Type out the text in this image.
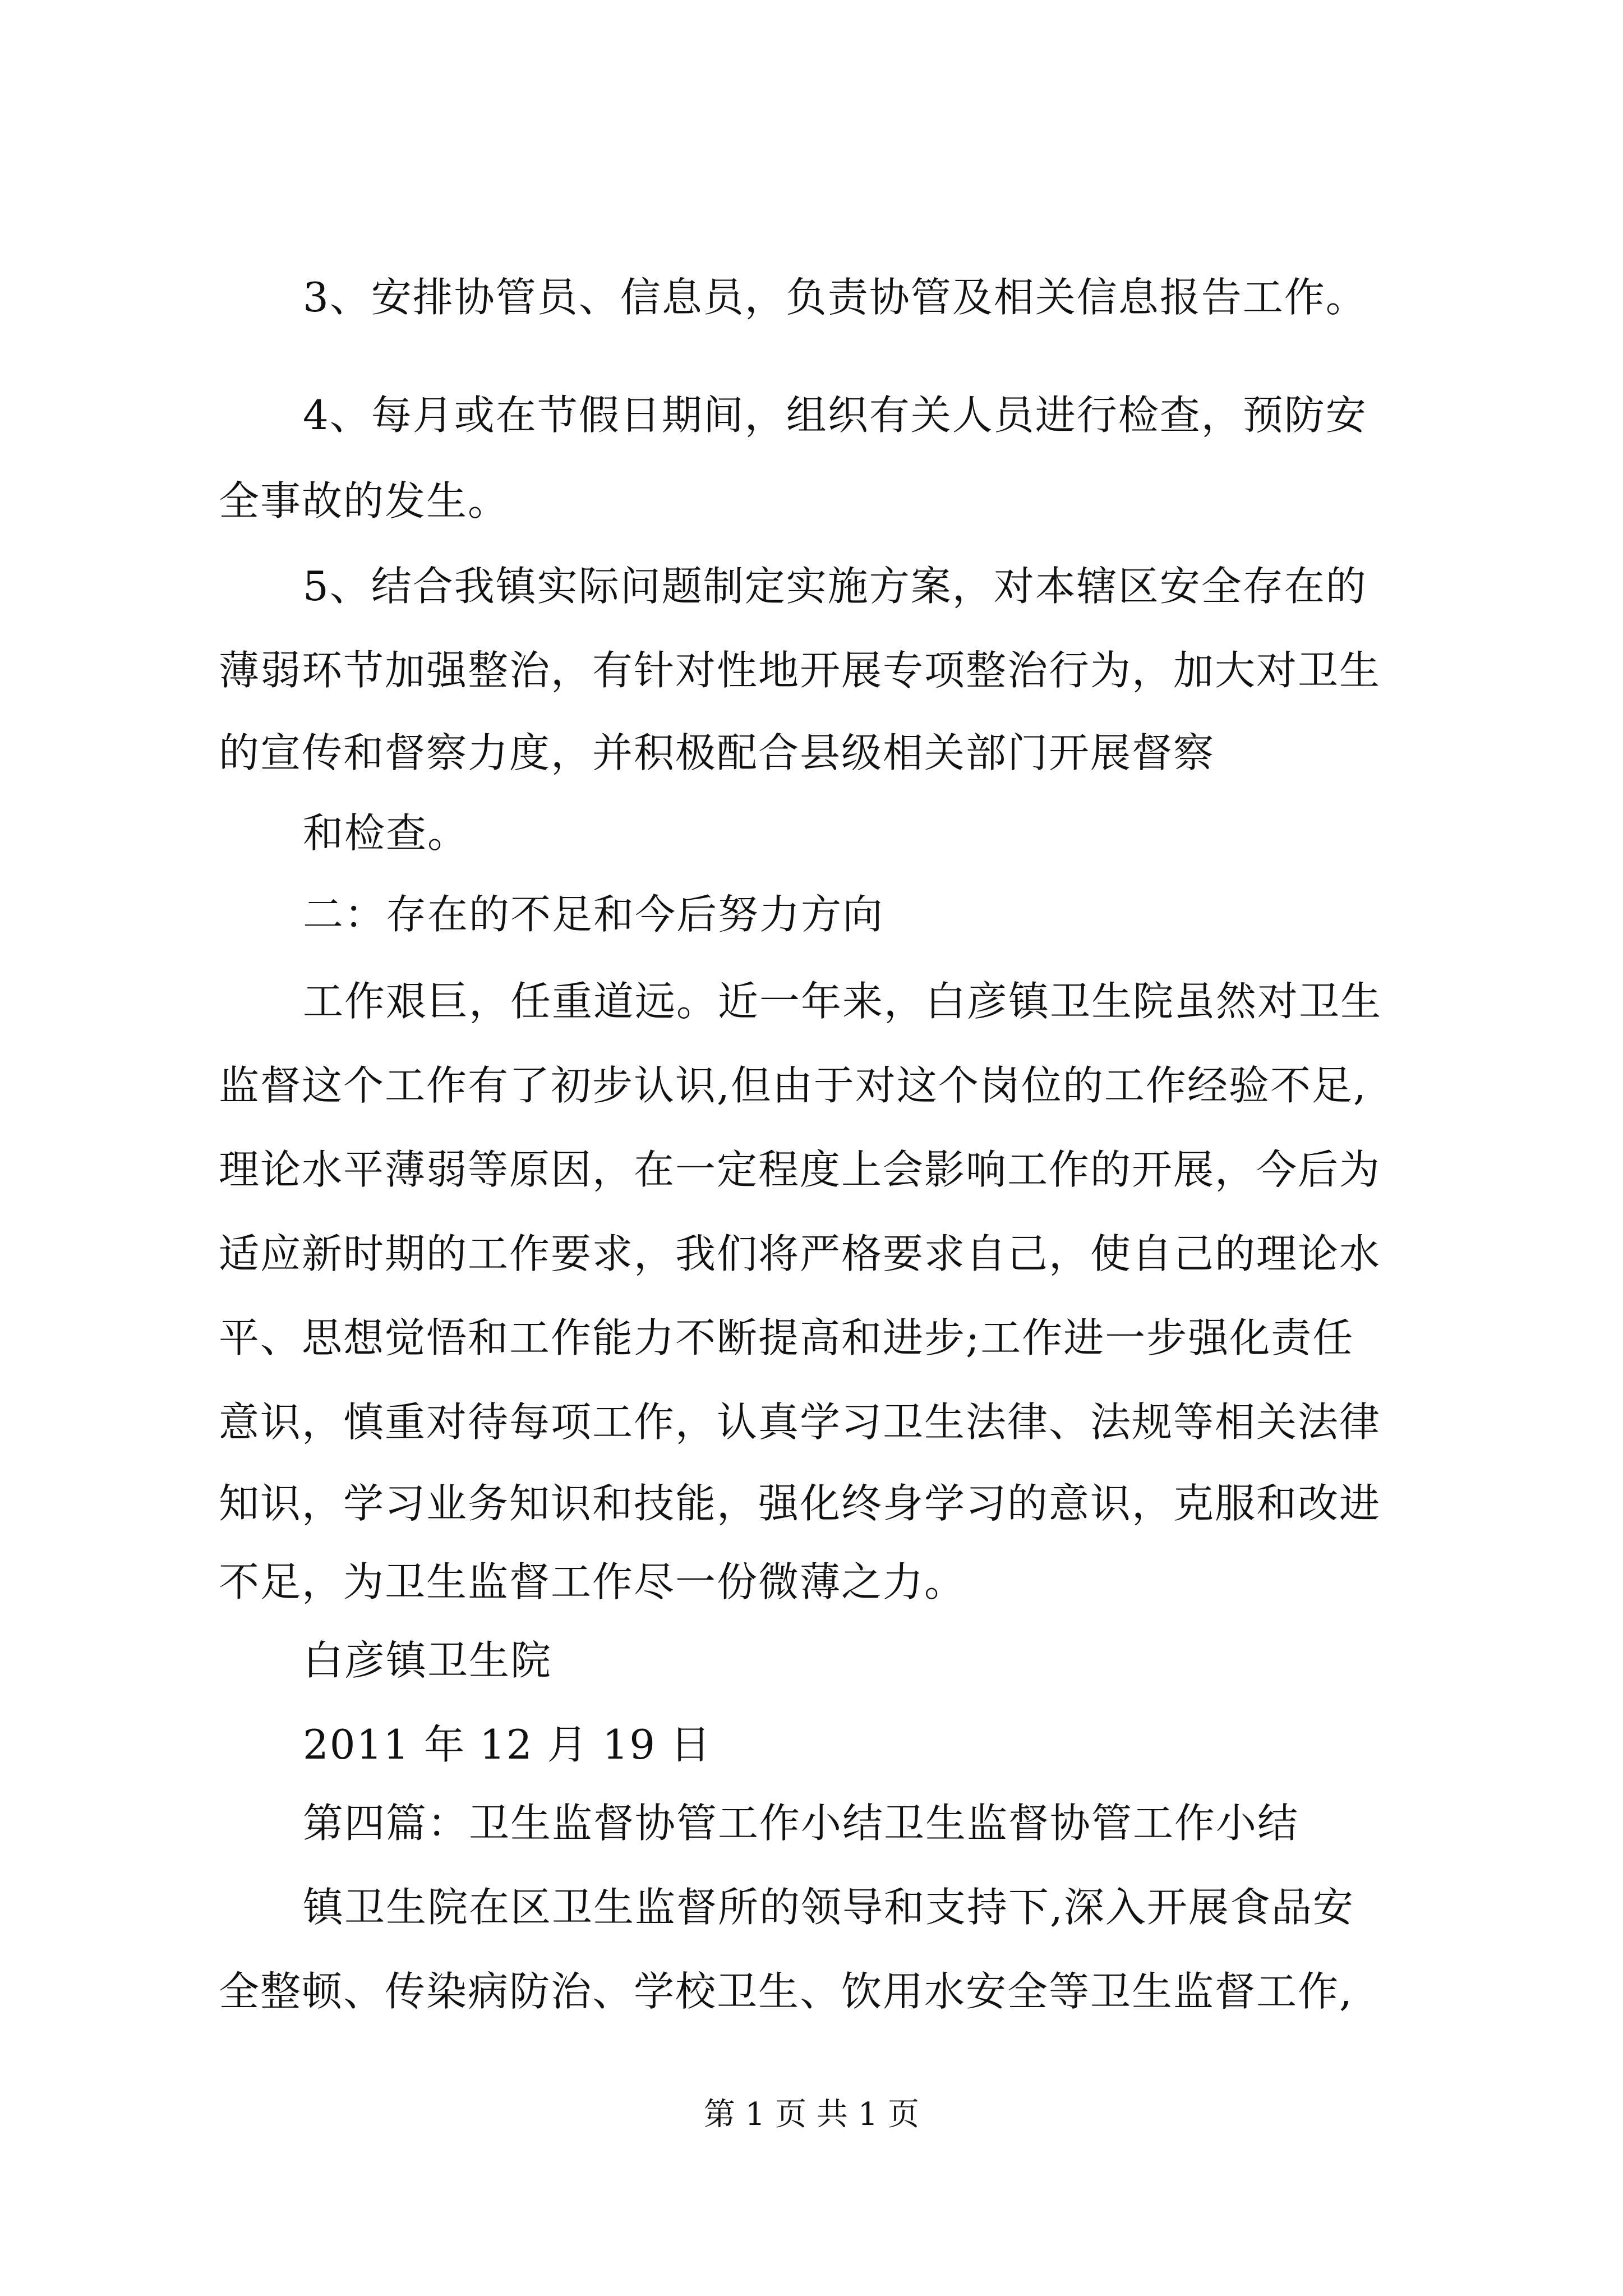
3、安排协管员、信息员，负责协管及相关信息报告工作。
4、每月或在节假日期间，组织有关人员进行检查，预防安
全事故的发生。
5、结合我镇实际问题制定实施方案，对本辖区安全存在的
薄弱环节加强整治，有针对性地开展专项整治行为，加大对卫生
的宣传和督察力度，并积极配合县级相关部门开展督察
和检查。
二：存在的不足和今后努力方向
工作艰巨，任重道远。近一年来，白彦镇卫生院虽然对卫生
监督这个工作有了初步认识,但由于对这个岗位的工作经验不足,
理论水平薄弱等原因，在一定程度上会影响工作的开展，今后为
适应新时期的工作要求，我们将严格要求自己，使自己的理论水
平、思想觉悟和工作能力不断提高和进步;工作进一步强化责任
意识，慎重对待每项工作，认真学习卫生法律、法规等相关法律
知识，学习业务知识和技能，强化终身学习的意识，克服和改进
不足，为卫生监督工作尽一份微薄之力。
白彦镇卫生院
2011 年 12 月 19 日
第四篇：卫生监督协管工作小结卫生监督协管工作小结
镇卫生院在区卫生监督所的领导和支持下,深入开展食品安
全整顿、传染病防治、学校卫生、饮用水安全等卫生监督工作,
第 1 页 共 1 页
